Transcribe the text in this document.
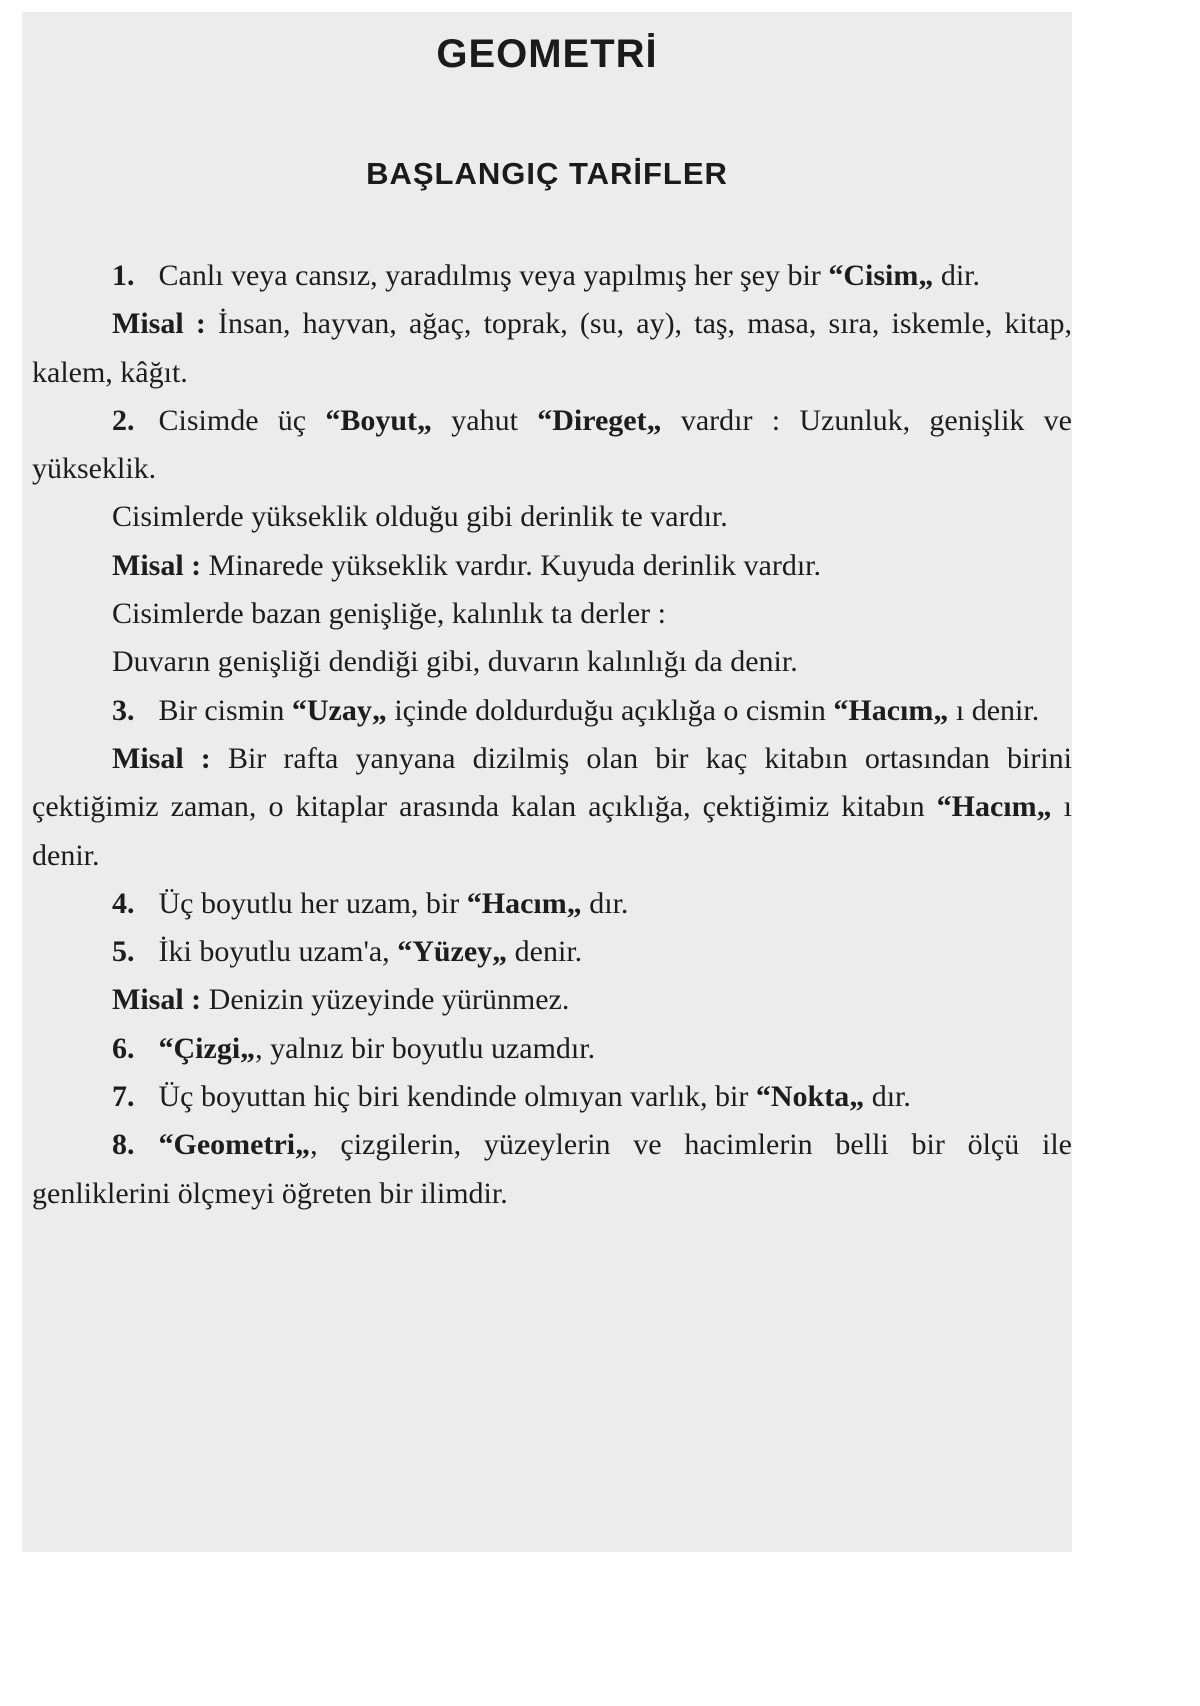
GEOMETRİ
BAŞLANGIÇ TARİFLER

1. Canlı veya cansız, yaradılmış veya yapılmış her şey bir “Cisim„ dir.

Misal : İnsan, hayvan, ağaç, toprak, (su, ay), taş, masa, sıra, iskemle, kitap, kalem, kâğıt.

2. Cisimde üç “Boyut„ yahut “Direget„ vardır : Uzunluk, genişlik ve yükseklik.

Cisimlerde yükseklik olduğu gibi derinlik te vardır.

Misal : Minarede yükseklik vardır. Kuyuda derinlik vardır.

Cisimlerde bazan genişliğe, kalınlık ta derler :

Duvarın genişliği dendiği gibi, duvarın kalınlığı da denir.

3. Bir cismin “Uzay„ içinde doldurduğu açıklığa o cismin “Hacım„ ı denir.

Misal : Bir rafta yanyana dizilmiş olan bir kaç kitabın ortasından birini çektiğimiz zaman, o kitaplar arasında kalan açıklığa, çektiğimiz kitabın “Hacım„ ı denir.

4. Üç boyutlu her uzam, bir “Hacım„ dır.

5. İki boyutlu uzam'a, “Yüzey„ denir.

Misal : Denizin yüzeyinde yürünmez.

6. “Çizgi„, yalnız bir boyutlu uzamdır.

7. Üç boyuttan hiç biri kendinde olmıyan varlık, bir “Nokta„ dır.

8. “Geometri„, çizgilerin, yüzeylerin ve hacimlerin belli bir ölçü ile genliklerini ölçmeyi öğreten bir ilimdir.
